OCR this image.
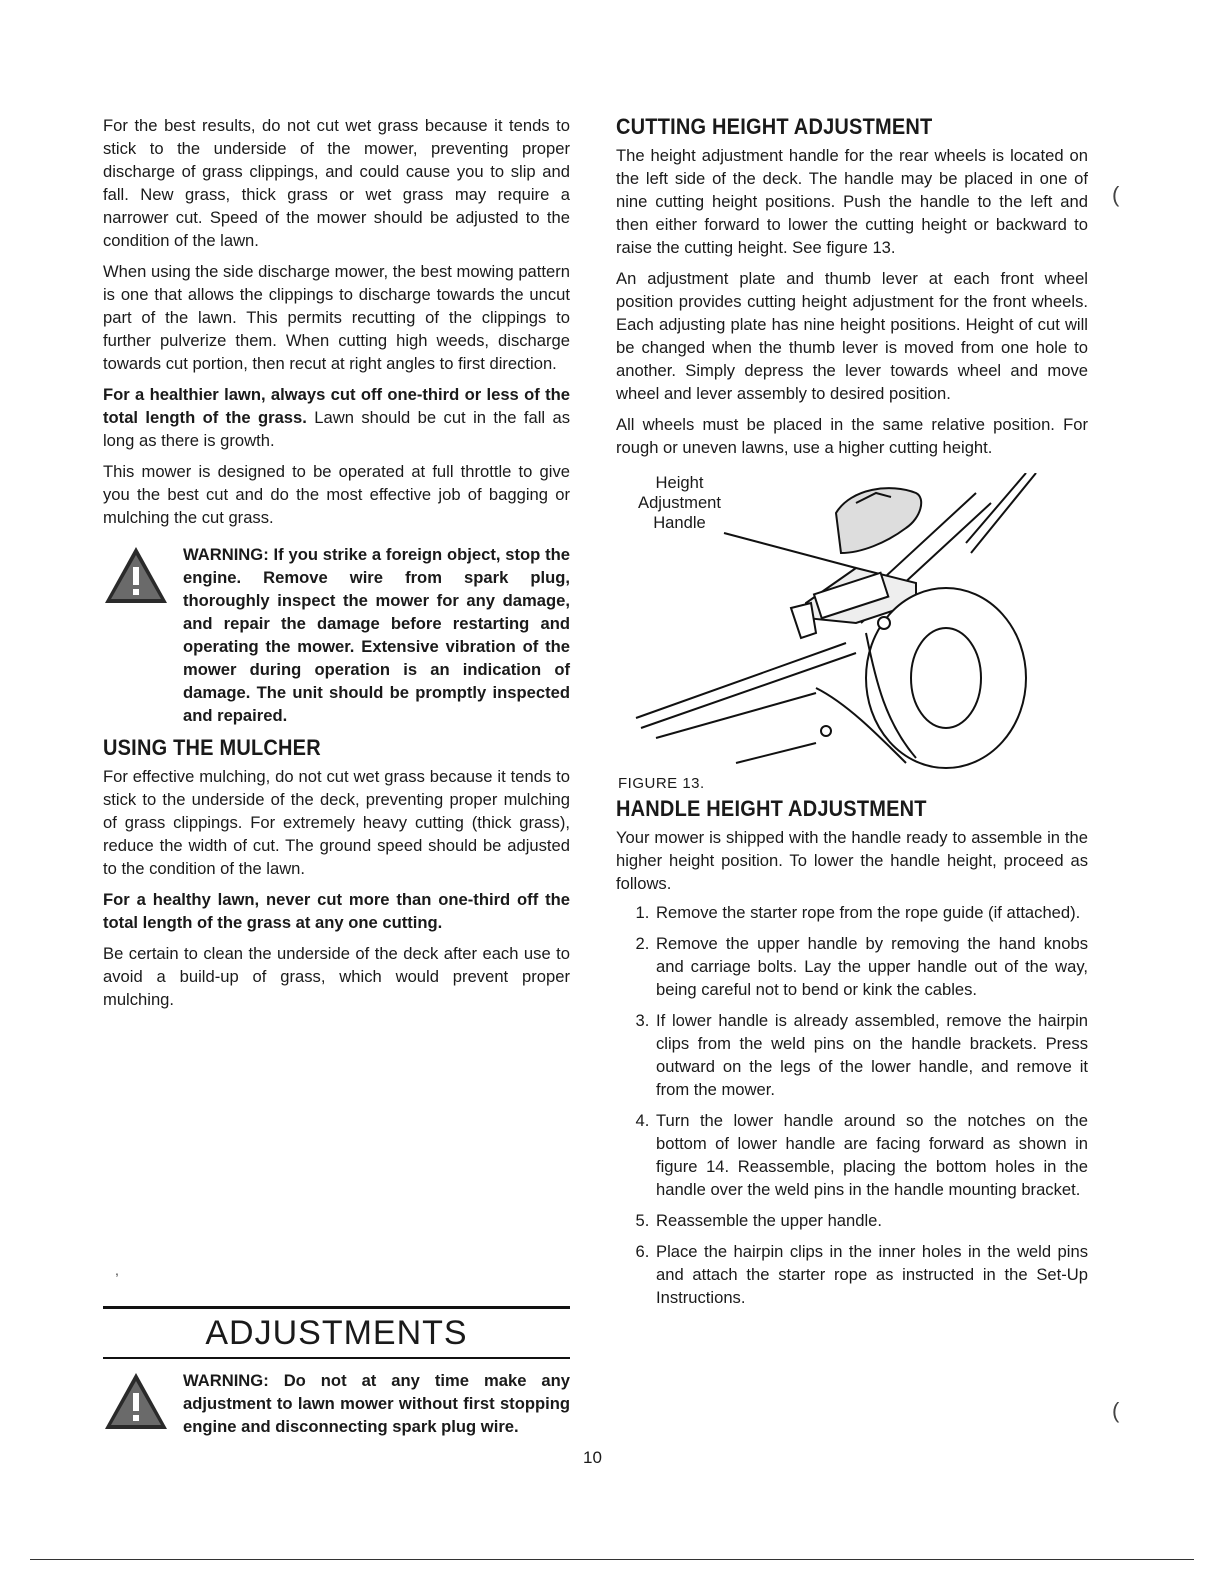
For the best results, do not cut wet grass because it tends to stick to the underside of the mower, preventing proper discharge of grass clippings, and could cause you to slip and fall. New grass, thick grass or wet grass may require a narrower cut. Speed of the mower should be adjusted to the condition of the lawn.

When using the side discharge mower, the best mowing pattern is one that allows the clippings to discharge towards the uncut part of the lawn. This permits recutting of the clippings to further pulverize them. When cutting high weeds, discharge towards cut portion, then recut at right angles to first direction.

For a healthier lawn, always cut off one-third or less of the total length of the grass. Lawn should be cut in the fall as long as there is growth.

This mower is designed to be operated at full throttle to give you the best cut and do the most effective job of bagging or mulching the cut grass.

WARNING: If you strike a foreign object, stop the engine. Remove wire from spark plug, thoroughly inspect the mower for any damage, and repair the damage before restarting and operating the mower. Extensive vibration of the mower during operation is an indication of damage. The unit should be promptly inspected and repaired.
USING THE MULCHER

For effective mulching, do not cut wet grass because it tends to stick to the underside of the deck, preventing proper mulching of grass clippings. For extremely heavy cutting (thick grass), reduce the width of cut. The ground speed should be adjusted to the condition of the lawn.

For a healthy lawn, never cut more than one-third off the total length of the grass at any one cutting.

Be certain to clean the underside of the deck after each use to avoid a build-up of grass, which would prevent proper mulching.

ADJUSTMENTS
WARNING: Do not at any time make any adjustment to lawn mower without first stopping engine and disconnecting spark plug wire.
CUTTING HEIGHT ADJUSTMENT

The height adjustment handle for the rear wheels is located on the left side of the deck. The handle may be placed in one of nine cutting height positions. Push the handle to the left and then either forward to lower the cutting height or backward to raise the cutting height. See figure 13.

An adjustment plate and thumb lever at each front wheel position provides cutting height adjustment for the front wheels. Each adjusting plate has nine height positions. Height of cut will be changed when the thumb lever is moved from one hole to another. Simply depress the lever towards wheel and move wheel and lever assembly to desired position.

All wheels must be placed in the same relative position. For rough or uneven lawns, use a higher cutting height.

Height
Adjustment
Handle
FIGURE 13.
HANDLE HEIGHT ADJUSTMENT

Your mower is shipped with the handle ready to assemble in the higher height position. To lower the handle height, proceed as follows.

1. Remove the starter rope from the rope guide (if attached).
2. Remove the upper handle by removing the hand knobs and carriage bolts. Lay the upper handle out of the way, being careful not to bend or kink the cables.
3. If lower handle is already assembled, remove the hairpin clips from the weld pins on the handle brackets. Press outward on the legs of the lower handle, and remove it from the mower.
4. Turn the lower handle around so the notches on the bottom of lower handle are facing forward as shown in figure 14. Reassemble, placing the bottom holes in the handle over the weld pins in the handle mounting bracket.
5. Reassemble the upper handle.
6. Place the hairpin clips in the inner holes in the weld pins and attach the starter rope as instructed in the Set-Up Instructions.
10
(
(
,
